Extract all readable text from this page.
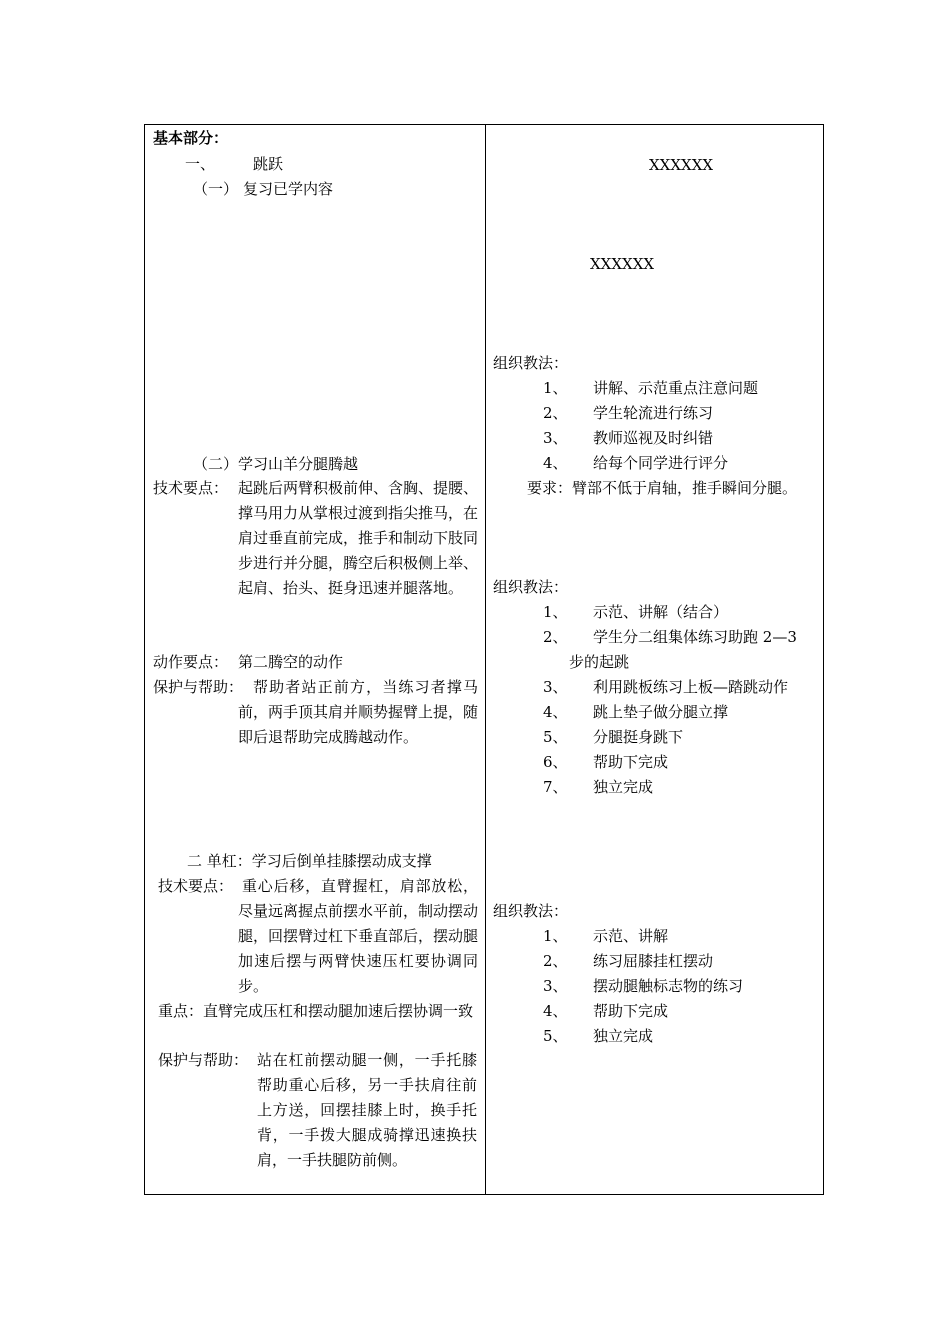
基本部分：
一、	跳跃
（一） 复习已学内容
（二）学习山羊分腿腾越
技术要点： 起跳后两臂积极前伸、含胸、提腰、撑马用力从掌根过渡到指尖推马，在肩过垂直前完成，推手和制动下肢同步进行并分腿，腾空后积极侧上举、起肩、抬头、挺身迅速并腿落地。
动作要点： 第二腾空的动作
保护与帮助： 帮助者站正前方，当练习者撑马前，两手顶其肩并顺势握臂上提，随即后退帮助完成腾越动作。
二 单杠：学习后倒单挂膝摆动成支撑
技术要点： 重心后移，直臂握杠，肩部放松，尽量远离握点前摆水平前，制动摆动腿，回摆臂过杠下垂直部后，摆动腿加速后摆与两臂快速压杠要协调同步。
重点：直臂完成压杠和摆动腿加速后摆协调一致
保护与帮助： 站在杠前摆动腿一侧，一手托膝帮助重心后移，另一手扶肩往前上方送，回摆挂膝上时，换手托背，一手拨大腿成骑撑迅速换扶肩，一手扶腿防前侧。
XXXXXX
XXXXXX
组织教法：
1、 讲解、示范重点注意问题
2、 学生轮流进行练习
3、 教师巡视及时纠错
4、 给每个同学进行评分
要求：臂部不低于肩轴，推手瞬间分腿。
组织教法：
1、 示范、讲解（结合）
2、 学生分二组集体练习助跑 2—3
步的起跳
3、 利用跳板练习上板—踏跳动作
4、 跳上垫子做分腿立撑
5、 分腿挺身跳下
6、 帮助下完成
7、 独立完成
组织教法：
1、 示范、讲解
2、 练习屈膝挂杠摆动
3、 摆动腿触标志物的练习
4、 帮助下完成
5、 独立完成
